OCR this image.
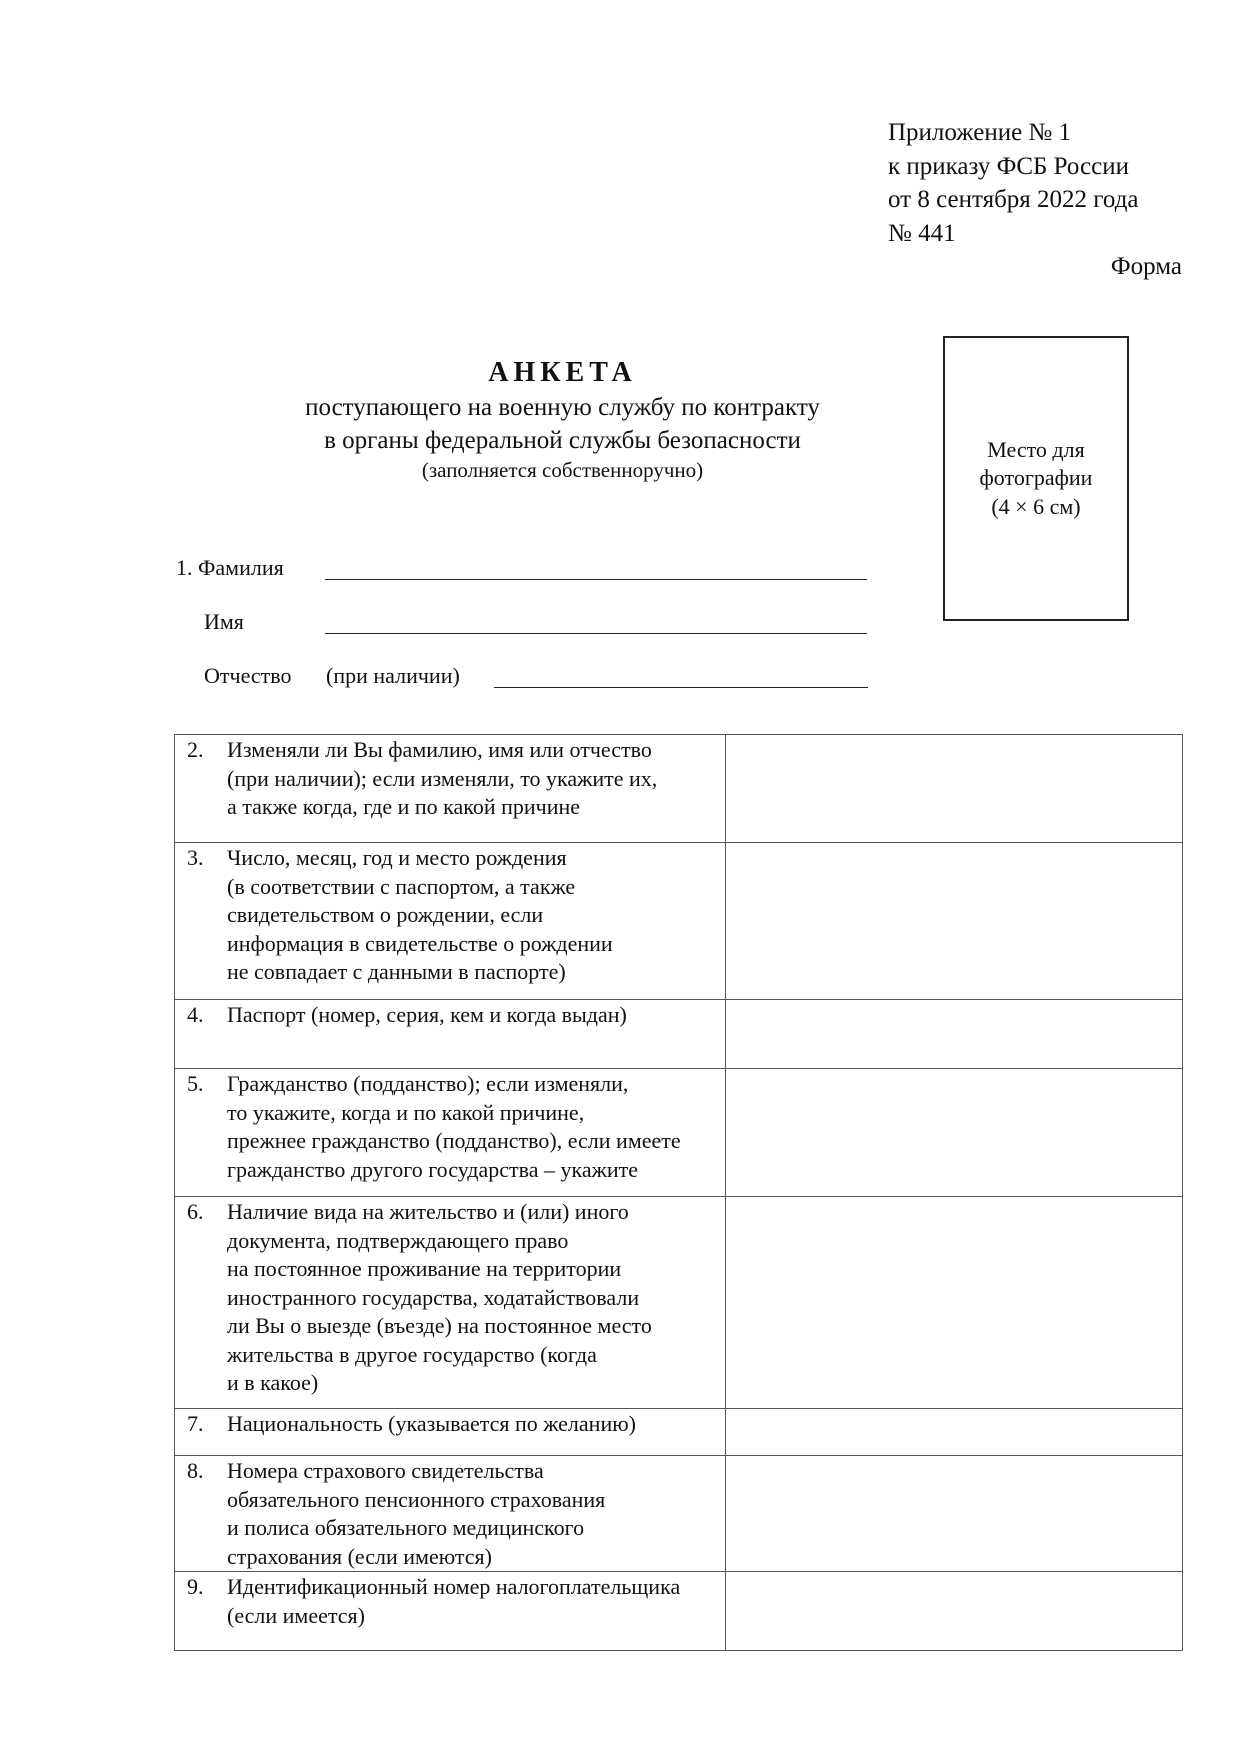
Приложение № 1
к приказу ФСБ России
от 8 сентября 2022 года
№ 441
Форма
АНКЕТА
поступающего на военную службу по контракту
в органы федеральной службы безопасности
(заполняется собственноручно)
Место для
фотографии
(4 × 6 см)
1. Фамилия
Имя
Отчество (при наличии)
2. Изменяли ли Вы фамилию, имя или отчество
(при наличии); если изменяли, то укажите их,
а также когда, где и по какой причине	

3.	Число, месяц, год и место рождения
(в соответствии с паспортом, а также
свидетельством о рождении, если
информация в свидетельстве о рождении
не совпадает с данными в паспорте)

4. Паспорт (номер, серия, кем и когда выдан)	

5. Гражданство (подданство); если изменяли,
то укажите, когда и по какой причине,
прежнее гражданство (подданство), если имеете
гражданство другого государства – укажите	

6.	Наличие вида на жительство и (или) иного
документа, подтверждающего право
на постоянное проживание на территории
иностранного государства, ходатайствовали
ли Вы о выезде (въезде) на постоянное место
жительства в другое государство (когда
и в какое)

7. Национальность (указывается по желанию)	

8. Номера страхового свидетельства
обязательного пенсионного страхования
и полиса обязательного медицинского
страхования (если имеются)	

9. Идентификационный номер налогоплательщика
(если имеется)	
